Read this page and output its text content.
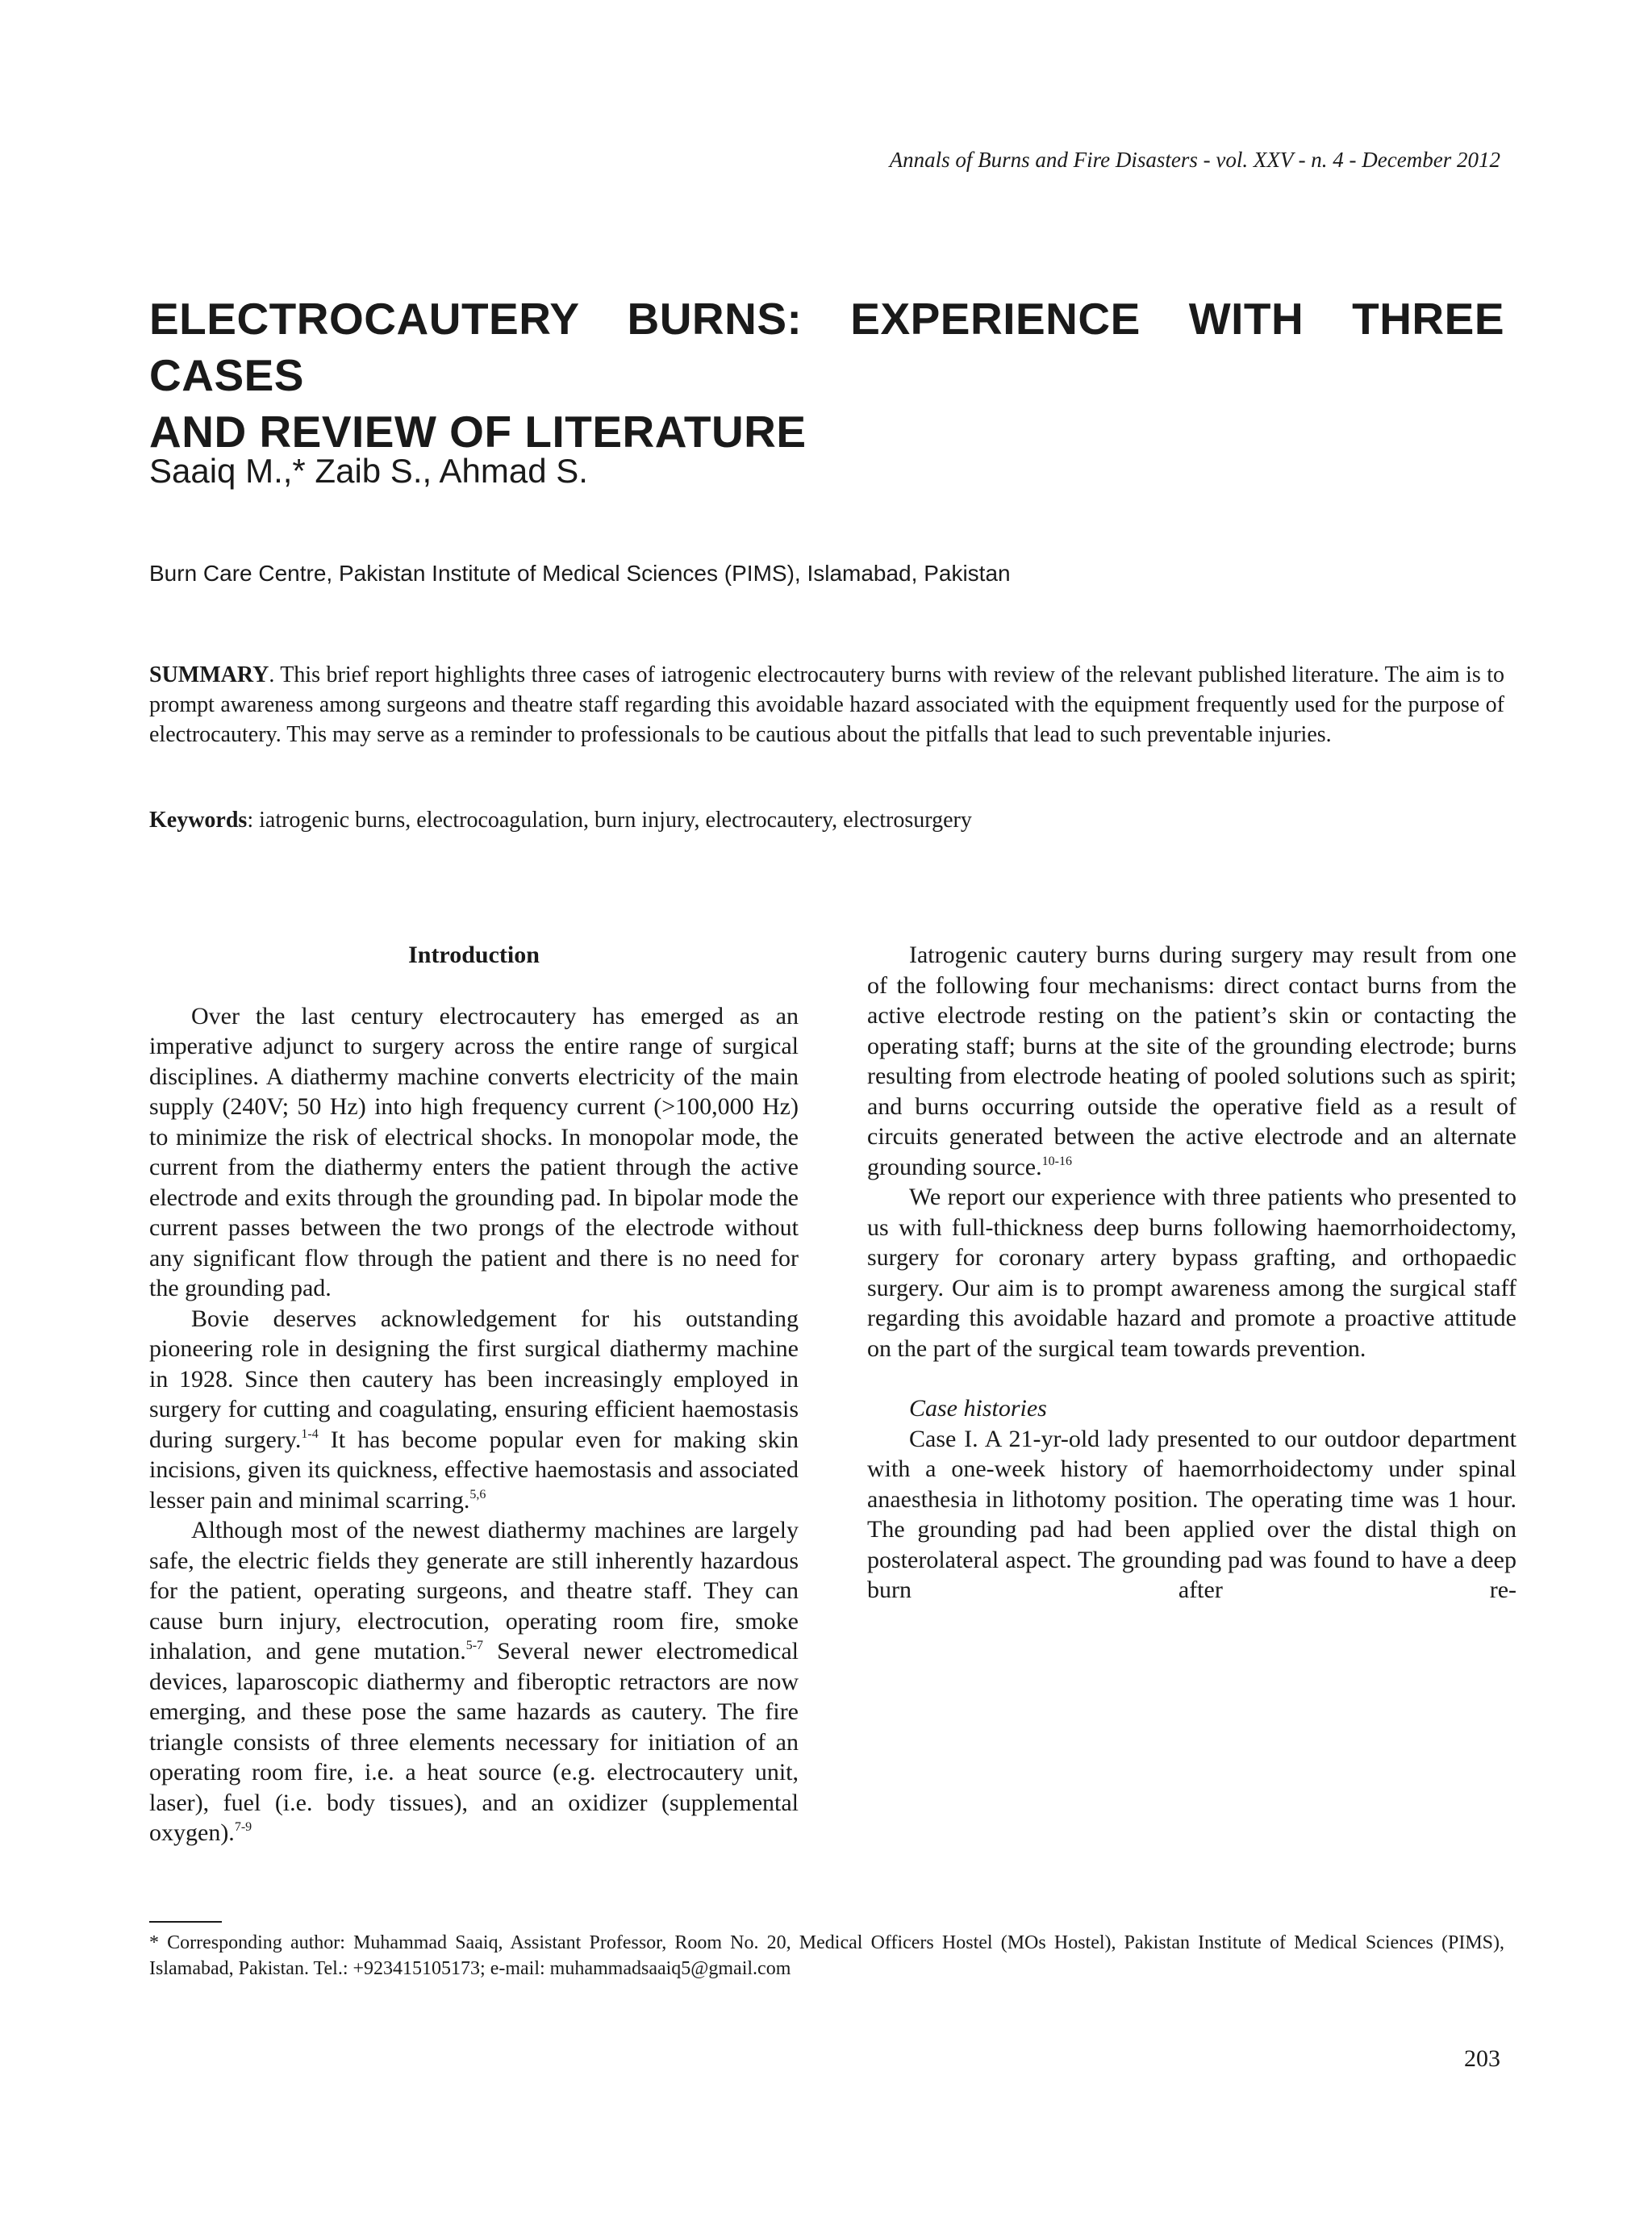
Annals of Burns and Fire Disasters - vol. XXV - n. 4 - December 2012
ELECTROCAUTERY BURNS: EXPERIENCE WITH THREE CASES
AND REVIEW OF LITERATURE
Saaiq M.,* Zaib S., Ahmad S.
Burn Care Centre, Pakistan Institute of Medical Sciences (PIMS), Islamabad, Pakistan

SUMMARY. This brief report highlights three cases of iatrogenic electrocautery burns with review of the relevant published literature. The aim is to prompt awareness among surgeons and theatre staff regarding this avoidable hazard associated with the equipment frequently used for the purpose of electrocautery. This may serve as a reminder to professionals to be cautious about the pitfalls that lead to such preventable injuries.

Keywords: iatrogenic burns, electrocoagulation, burn injury, electrocautery, electrosurgery

Introduction

Over the last century electrocautery has emerged as an imperative adjunct to surgery across the entire range of surgical disciplines. A diathermy machine converts electricity of the main supply (240V; 50 Hz) into high frequency current (>100,000 Hz) to minimize the risk of electrical shocks. In monopolar mode, the current from the diathermy enters the patient through the active electrode and exits through the grounding pad. In bipolar mode the current passes between the two prongs of the electrode without any significant flow through the patient and there is no need for the grounding pad.

Bovie deserves acknowledgement for his outstanding pioneering role in designing the first surgical diathermy machine in 1928. Since then cautery has been increasingly employed in surgery for cutting and coagulating, ensuring efficient haemostasis during surgery.$^{1-4}$ It has become popular even for making skin incisions, given its quickness, effective haemostasis and associated lesser pain and minimal scarring.$^{5,6}$

Although most of the newest diathermy machines are largely safe, the electric fields they generate are still inherently hazardous for the patient, operating surgeons, and theatre staff. They can cause burn injury, electrocution, operating room fire, smoke inhalation, and gene mutation.$^{5-7}$ Several newer electromedical devices, laparoscopic diathermy and fiberoptic retractors are now emerging, and these pose the same hazards as cautery. The fire triangle consists of three elements necessary for initiation of an operating room fire, i.e. a heat source (e.g. electrocautery unit, laser), fuel (i.e. body tissues), and an oxidizer (supplemental oxygen).$^{7-9}$

Iatrogenic cautery burns during surgery may result from one of the following four mechanisms: direct contact burns from the active electrode resting on the patient’s skin or contacting the operating staff; burns at the site of the grounding electrode; burns resulting from electrode heating of pooled solutions such as spirit; and burns occurring outside the operative field as a result of circuits generated between the active electrode and an alternate grounding source.$^{10-16}$

We report our experience with three patients who presented to us with full-thickness deep burns following haemorrhoidectomy, surgery for coronary artery bypass grafting, and orthopaedic surgery. Our aim is to prompt awareness among the surgical staff regarding this avoidable hazard and promote a proactive attitude on the part of the surgical team towards prevention.

Case histories

Case I. A 21-yr-old lady presented to our outdoor department with a one-week history of haemorrhoidectomy under spinal anaesthesia in lithotomy position. The operating time was 1 hour. The grounding pad had been applied over the distal thigh on posterolateral aspect. The grounding pad was found to have a deep burn after re-

* Corresponding author: Muhammad Saaiq, Assistant Professor, Room No. 20, Medical Officers Hostel (MOs Hostel), Pakistan Institute of Medical Sciences (PIMS), Islamabad, Pakistan. Tel.: +923415105173; e-mail: muhammadsaaiq5@gmail.com

203
